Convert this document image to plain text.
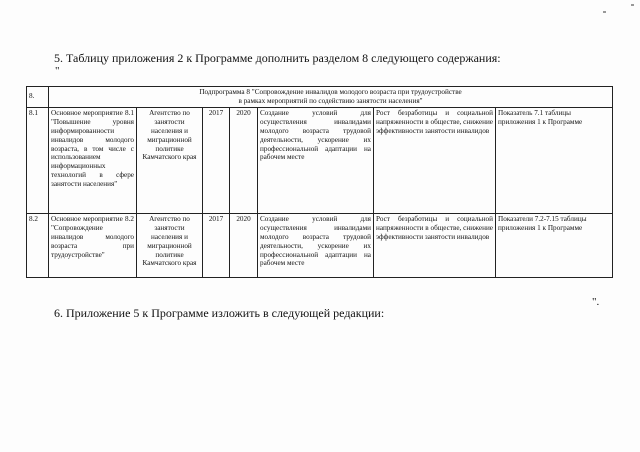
5. Таблицу приложения 2 к Программе дополнить разделом 8 следующего содержания:
"
8.	Подпрограмма 8 "Сопровождение инвалидов молодого возраста при трудоустройстве
в рамках мероприятий по содействию занятости населения"						

8.1	Основное мероприятие 8.1 "Повышение уровня информированности инвалидов молодого возраста, в том числе с использованием информационных технологий в сфере занятости населения"	Агентство по занятости населения и миграционной политике Камчатского края	2017	2020	Создание условий для осуществления инвалидами молодого возраста трудовой деятельности, ускорение их профессиональной адаптации на рабочем месте	Рост безработицы и социальной напряженности в обществе, снижение эффективности занятости инвалидов	Показатель 7.1 таблицы приложения 1 к Программе
8.2	Основное мероприятие 8.2 "Сопровождение инвалидов молодого возраста при трудоустройстве"	Агентство по занятости населения и миграционной политике Камчатского края	2017	2020	Создание условий для осуществления инвалидами молодого возраста трудовой деятельности, ускорение их профессиональной адаптации на рабочем месте	Рост безработицы и социальной напряженности в обществе, снижение эффективности занятости инвалидов	Показатели 7.2-7.15 таблицы приложения 1 к Программе
".
6. Приложение 5 к Программе изложить в следующей редакции:
